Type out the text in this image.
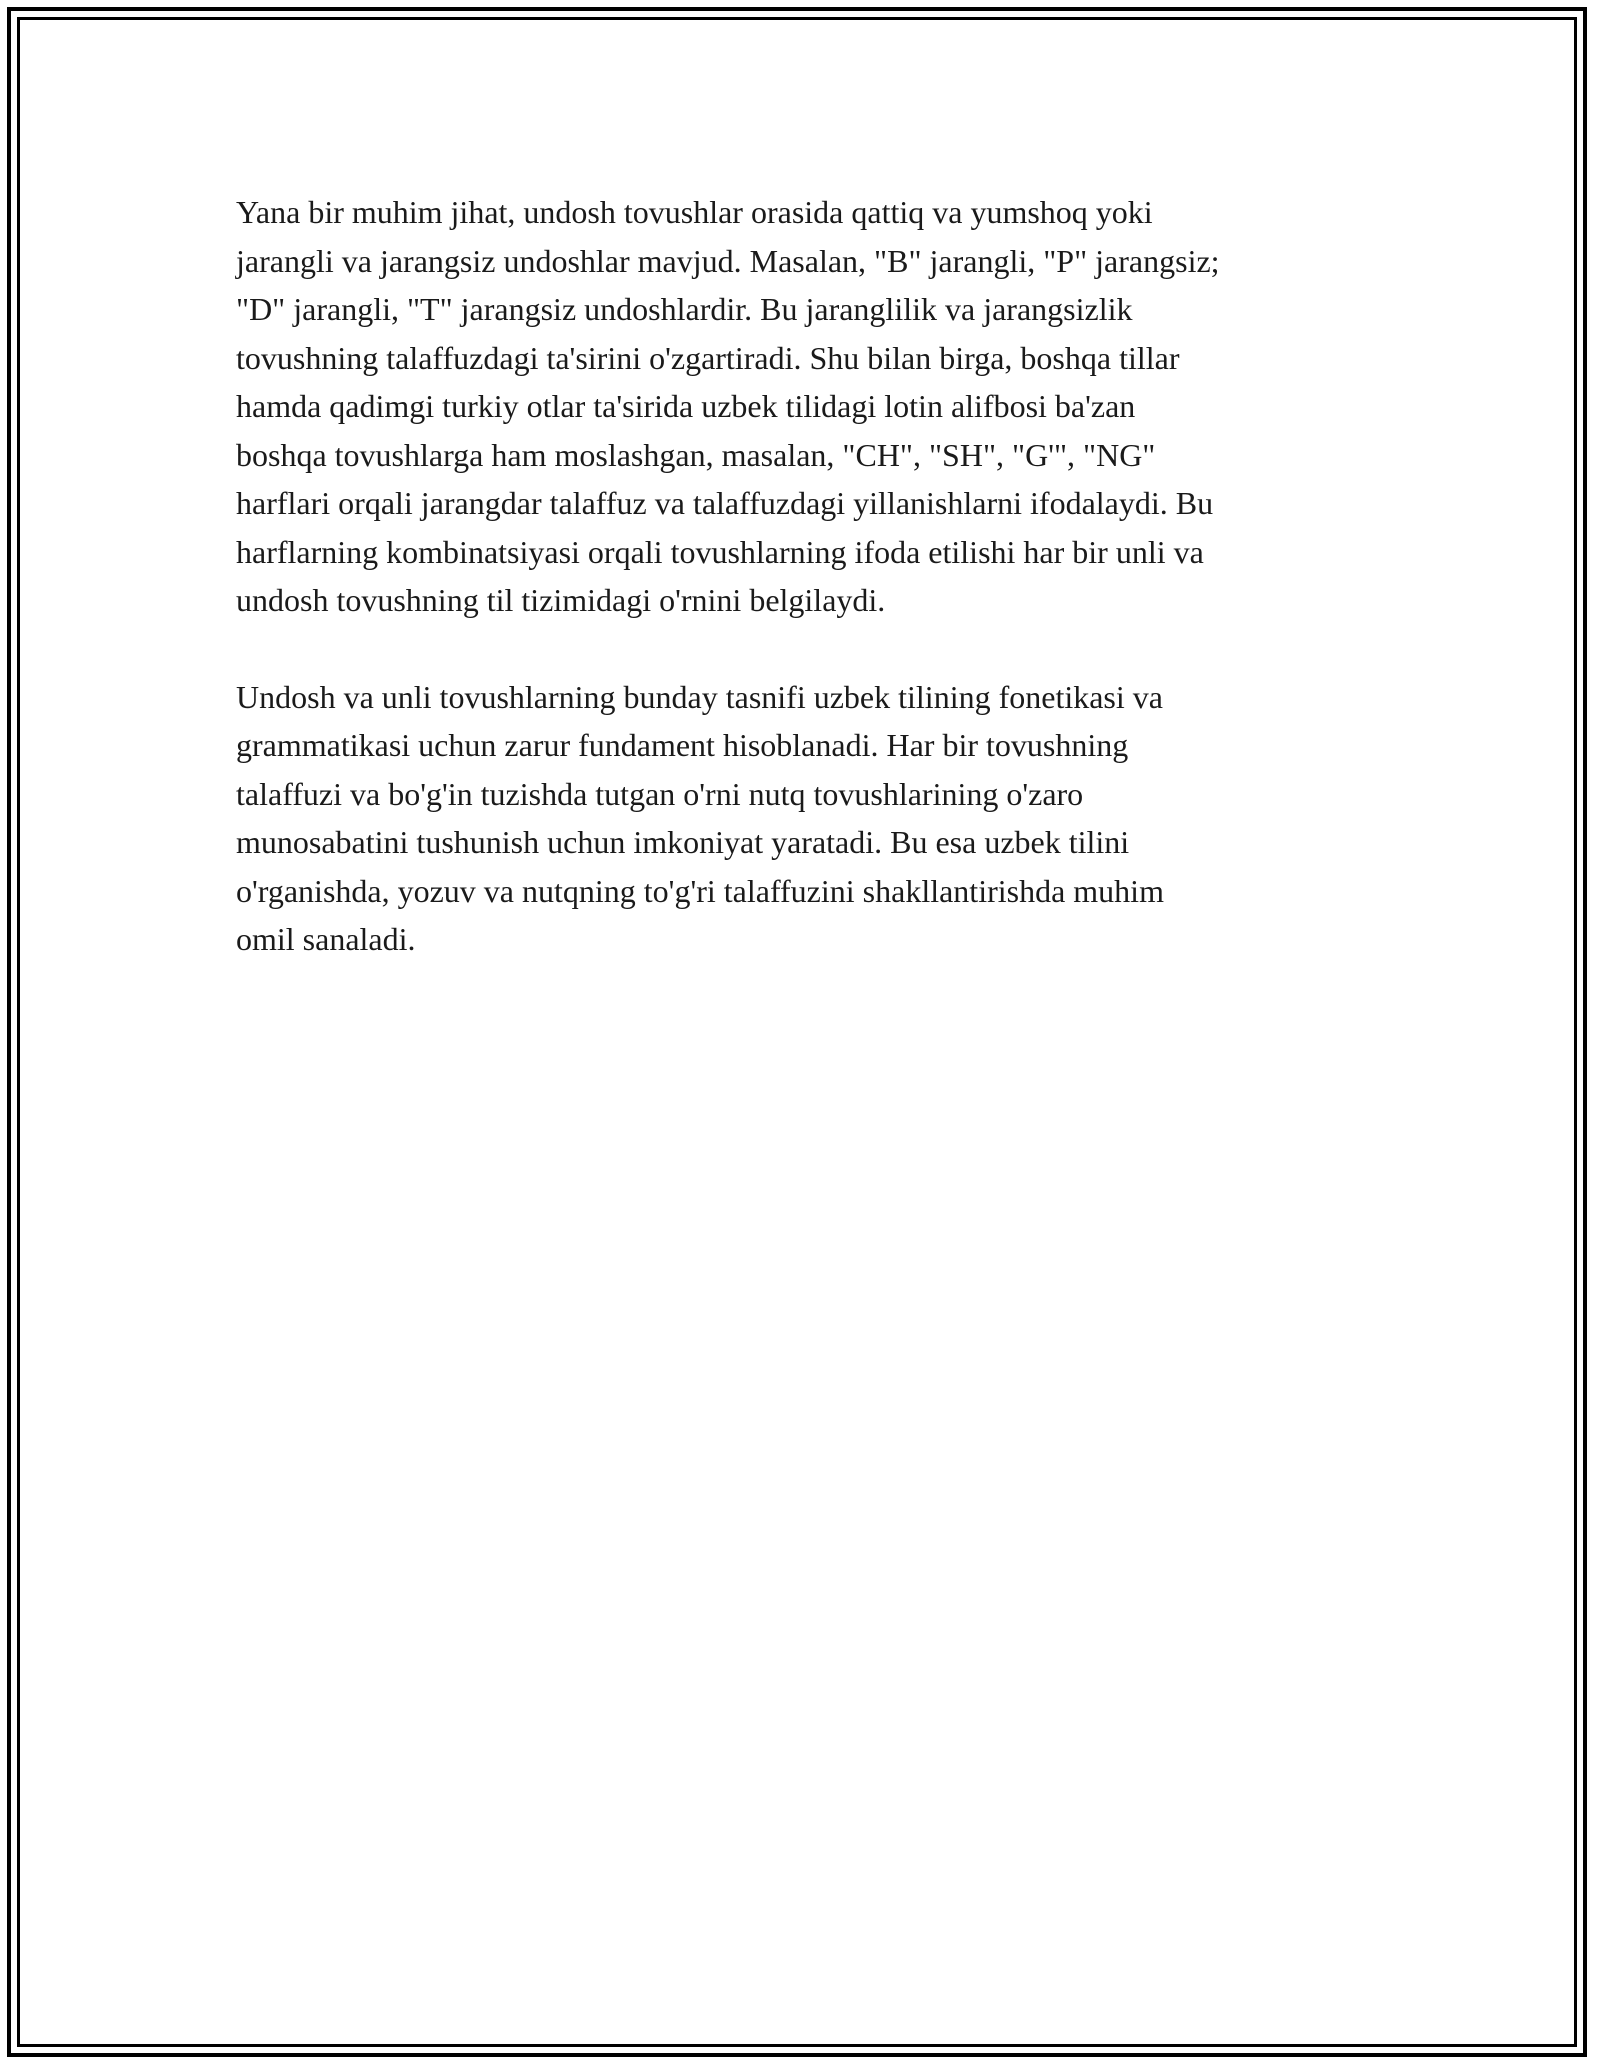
Yana bir muhim jihat, undosh tovushlar orasida qattiq va yumshoq yoki
jarangli va jarangsiz undoshlar mavjud. Masalan, "B" jarangli, "P" jarangsiz;
"D" jarangli, "T" jarangsiz undoshlardir. Bu jaranglilik va jarangsizlik
tovushning talaffuzdagi ta'sirini o'zgartiradi. Shu bilan birga, boshqa tillar
hamda qadimgi turkiy otlar ta'sirida uzbek tilidagi lotin alifbosi ba'zan
boshqa tovushlarga ham moslashgan, masalan, "CH", "SH", "G'", "NG"
harflari orqali jarangdar talaffuz va talaffuzdagi yillanishlarni ifodalaydi. Bu
harflarning kombinatsiyasi orqali tovushlarning ifoda etilishi har bir unli va
undosh tovushning til tizimidagi o'rnini belgilaydi.

Undosh va unli tovushlarning bunday tasnifi uzbek tilining fonetikasi va
grammatikasi uchun zarur fundament hisoblanadi. Har bir tovushning
talaffuzi va bo'g'in tuzishda tutgan o'rni nutq tovushlarining o'zaro
munosabatini tushunish uchun imkoniyat yaratadi. Bu esa uzbek tilini
o'rganishda, yozuv va nutqning to'g'ri talaffuzini shakllantirishda muhim
omil sanaladi.
